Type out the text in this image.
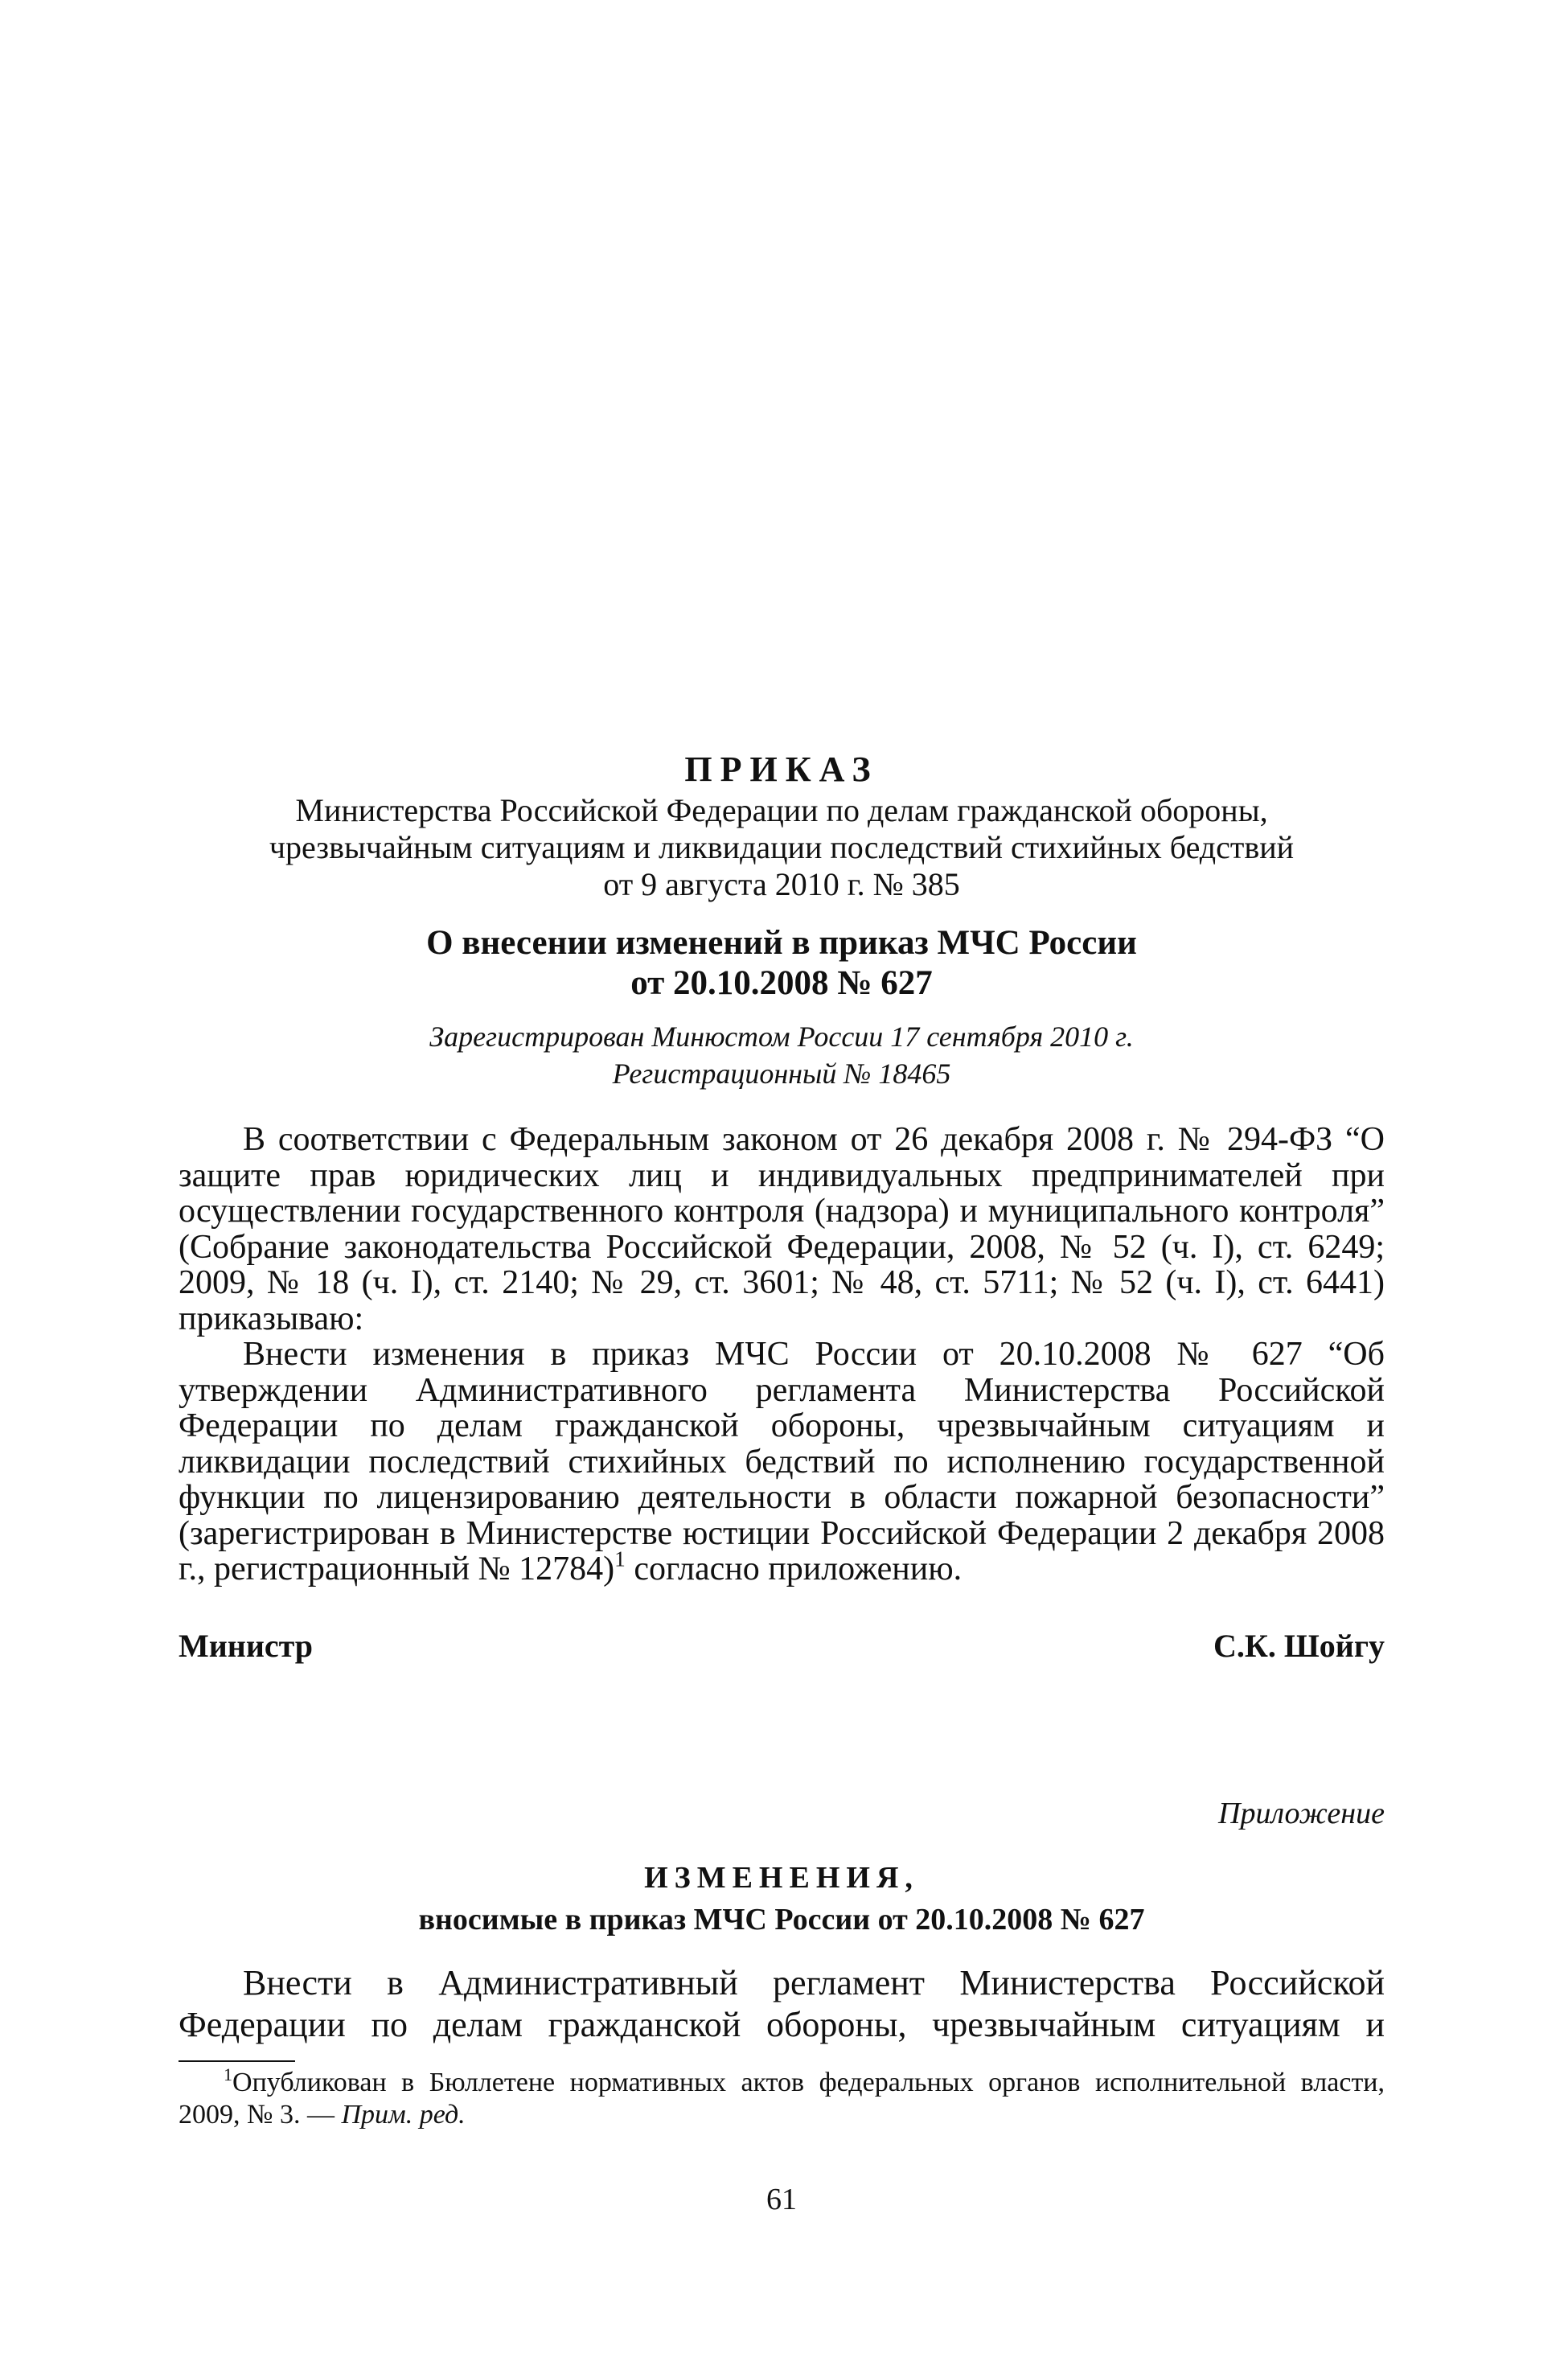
ПРИКАЗ
Министерства Российской Федерации по делам гражданской обороны,
чрезвычайным ситуациям и ликвидации последствий стихийных бедствий
от 9 августа 2010 г. № 385
О внесении изменений в приказ МЧС России
от 20.10.2008 № 627
Зарегистрирован Минюстом России 17 сентября 2010 г.
Регистрационный № 18465

В соответствии с Федеральным законом от 26 декабря 2008 г. № 294-ФЗ “О защите прав юридических лиц и индивидуальных предпринимателей при осуществлении государственного контроля (надзора) и муниципального контроля” (Собрание законодательства Российской Федерации, 2008, № 52 (ч. I), ст. 6249; 2009, № 18 (ч. I), ст. 2140; № 29, ст. 3601; № 48, ст. 5711; № 52 (ч. I), ст. 6441) приказываю:

Внести изменения в приказ МЧС России от 20.10.2008 № 627 “Об утверждении Административного регламента Министерства Российской Федерации по делам гражданской обороны, чрезвычайным ситуациям и ликвидации последствий стихийных бедствий по исполнению государственной функции по лицензированию деятельности в области пожарной безопасности” (зарегистрирован в Министерстве юстиции Российской Федерации 2 декабря 2008 г., регистрационный № 12784)$^1$ согласно приложению.

Министр	С.К. Шойгу
Приложение
ИЗМЕНЕНИЯ,
вносимые в приказ МЧС России от 20.10.2008 № 627

Внести в Административный регламент Министерства Российской Федерации по делам гражданской обороны, чрезвычайным ситуациям и

$^1$Опубликован в Бюллетене нормативных актов федеральных органов исполнительной власти, 2009, № 3. — Прим. ред.

61
